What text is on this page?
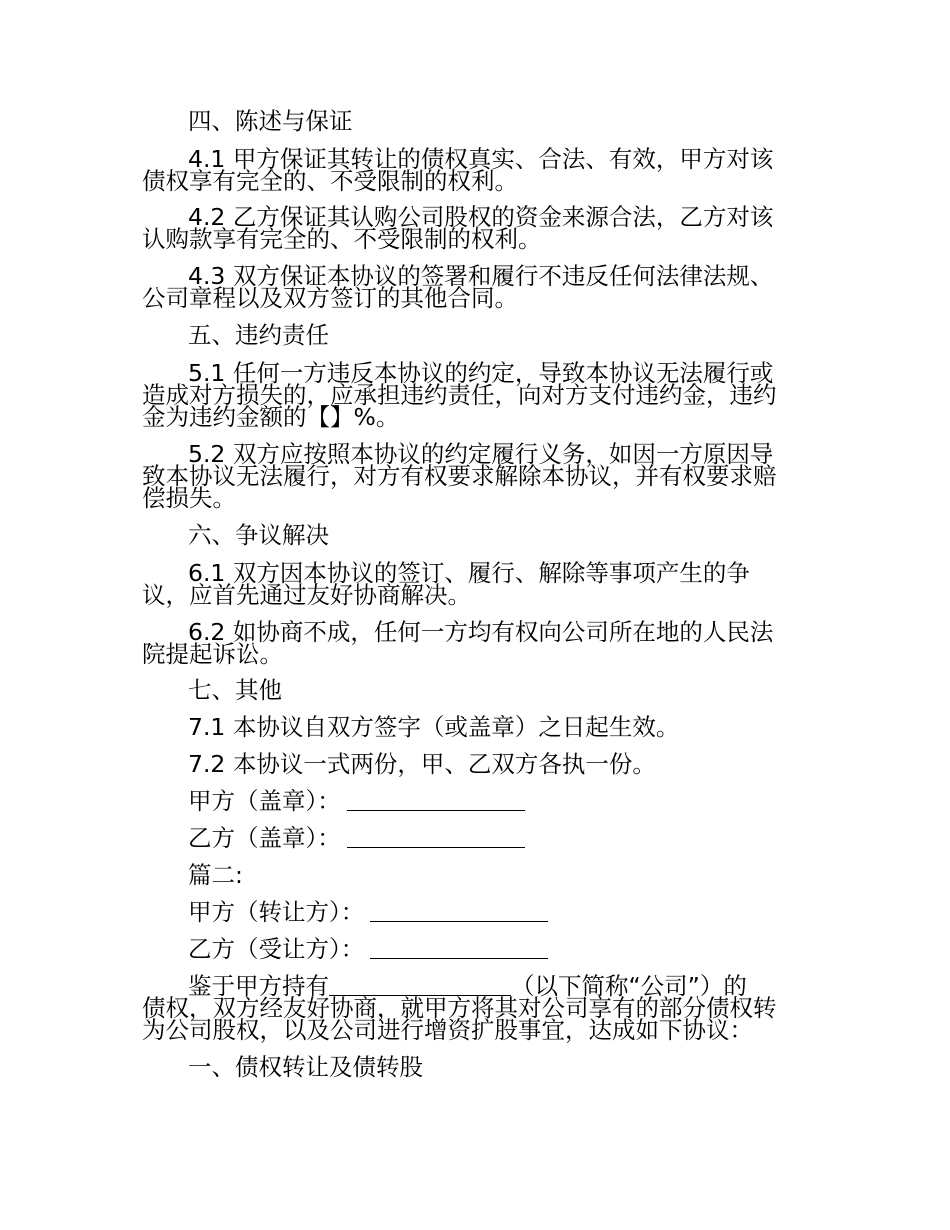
四、陈述与保证

4.1 甲方保证其转让的债权真实、合法、有效，甲方对该

债权享有完全的、不受限制的权利。

4.2 乙方保证其认购公司股权的资金来源合法，乙方对该

认购款享有完全的、不受限制的权利。

4.3 双方保证本协议的签署和履行不违反任何法律法规、

公司章程以及双方签订的其他合同。

五、违约责任

5.1 任何一方违反本协议的约定，导致本协议无法履行或

造成对方损失的，应承担违约责任，向对方支付违约金，违约

金为违约金额的【】%。

5.2 双方应按照本协议的约定履行义务，如因一方原因导

致本协议无法履行，对方有权要求解除本协议，并有权要求赔

偿损失。

六、争议解决

6.1 双方因本协议的签订、履行、解除等事项产生的争

议，应首先通过友好协商解决。

6.2 如协商不成，任何一方均有权向公司所在地的人民法

院提起诉讼。

七、其他

7.1 本协议自双方签字（或盖章）之日起生效。

7.2 本协议一式两份，甲、乙双方各执一份。

甲方（盖章）：

乙方（盖章）：

篇二:

甲方（转让方）：

乙方（受让方）：

鉴于甲方持有	（以下简称“公司”）的

债权，双方经友好协商，就甲方将其对公司享有的部分债权转

为公司股权，以及公司进行增资扩股事宜，达成如下协议：

一、债权转让及债转股
